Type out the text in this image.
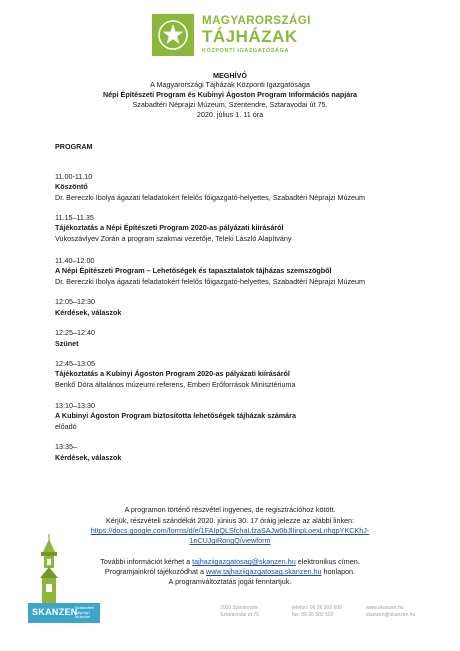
MAGYARORSZÁGI
TÁJHÁZAK
KÖZPONTI IGAZGATÓSÁGA
MEGHÍVÓ
A Magyarországi Tájházak Központi Igazgatósága
Népi Építészeti Program és Kubinyi Ágoston Program Információs napjára
Szabadtéri Néprajzi Múzeum, Szentendre, Sztaravodai út 75.
2020. július 1. 11 óra
PROGRAM
11.00-11.10
Köszöntő
Dr. Bereczki Ibolya ágazati feladatokért felelős főigazgató-helyettes, Szabadtéri Néprajzi Múzeum
11.15–11.35
Tájékoztatás a Népi Építészeti Program 2020-as pályázati kiírásáról
Vukoszávlyev Zorán a program szakmai vezetője, Teleki László Alapítvány
11.40–12.00
A Népi Építészeti Program – Lehetőségek és tapasztalatok tájházas szemszögből
Dr. Bereczki Ibolya ágazati feladatokért felelős főigazgató-helyettes, Szabadtéri Néprajzi Múzeum
12:05–12:30
Kérdések, válaszok
12:25–12:40
Szünet
12:45–13:05
Tájékoztatás a Kubinyi Ágoston Program 2020-as pályázati kiírásáról
Benkő Dóra általános múzeumi referens, Emberi Erőforrások Minisztériuma
13:10–13:30
A Kubinyi Ágoston Program biztosította lehetőségek tájházak számára
előadó
13:35–
Kérdések, válaszok
A programon történő részvétel ingyenes, de regisztrációhoz kötött.
Kérjük, részvételi szándékát 2020. június 30. 17 óráig jelezze az alábbi linken:
https://docs.google.com/forms/d/e/1FAIpQLSfchaLfzaSAJw0bJlIinpLoexLnhqpYKCKhJ-
1nCUJgiRongQ/viewform
További információt kérhet a tajhaziigazgatosag@skanzen.hu elektronikus címen.
Programjainkról tájékozódhat a www.tajhaziigazgatosag.skanzen.hu honlapon.
A programváltoztatás jogát fenntartjuk.
SKANZEN
Szabadtéri
Néprajzi
Múzeum
2000 Szentendre
Sztaravodai út 75
telefon: 06 26 502 500
fax: 06 26 502 502
www.skanzen.hu
skanzen@skanzen.hu
